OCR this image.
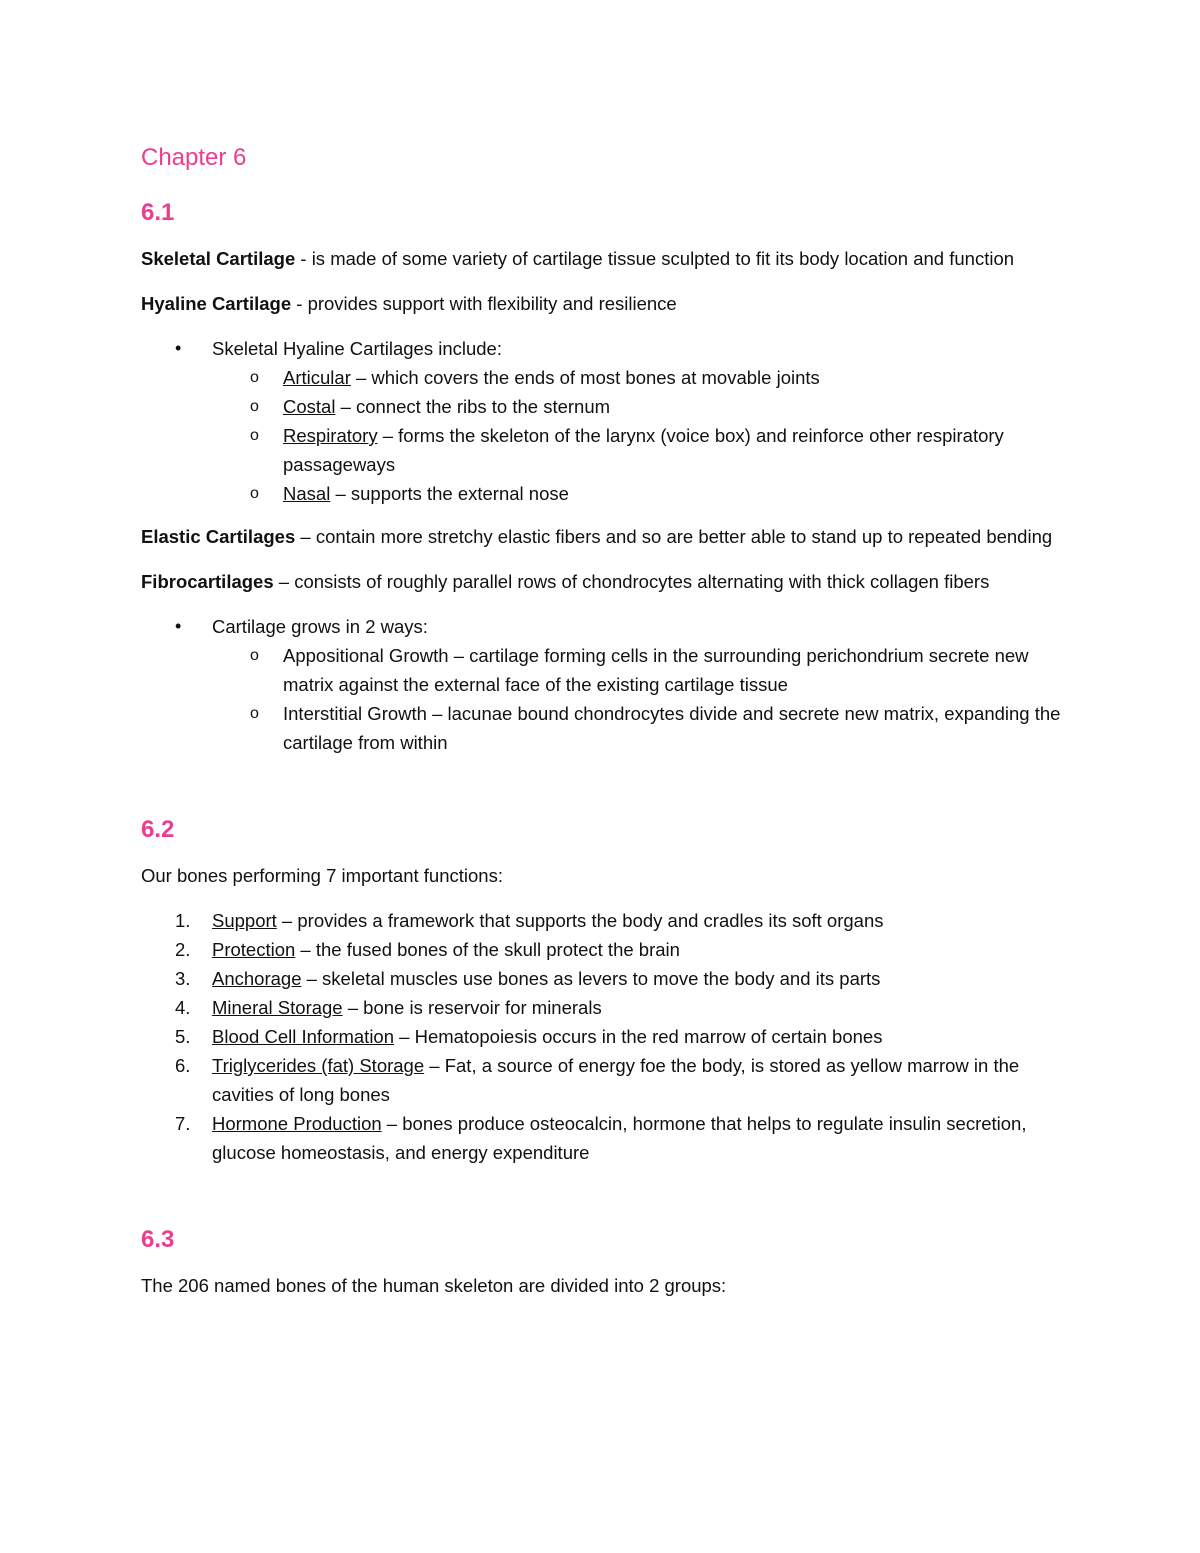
Chapter 6
6.1

Skeletal Cartilage - is made of some variety of cartilage tissue sculpted to fit its body location and function

Hyaline Cartilage - provides support with flexibility and resilience

• Skeletal Hyaline Cartilages include:
o Articular – which covers the ends of most bones at movable joints
o Costal – connect the ribs to the sternum
o Respiratory – forms the skeleton of the larynx (voice box) and reinforce other respiratory passageways
o Nasal – supports the external nose

Elastic Cartilages – contain more stretchy elastic fibers and so are better able to stand up to repeated bending

Fibrocartilages – consists of roughly parallel rows of chondrocytes alternating with thick collagen fibers

• Cartilage grows in 2 ways:
o Appositional Growth – cartilage forming cells in the surrounding perichondrium secrete new matrix against the external face of the existing cartilage tissue
o Interstitial Growth – lacunae bound chondrocytes divide and secrete new matrix, expanding the cartilage from within
6.2

Our bones performing 7 important functions:

1. Support – provides a framework that supports the body and cradles its soft organs
2. Protection – the fused bones of the skull protect the brain
3. Anchorage – skeletal muscles use bones as levers to move the body and its parts
4. Mineral Storage – bone is reservoir for minerals
5. Blood Cell Information – Hematopoiesis occurs in the red marrow of certain bones
6. Triglycerides (fat) Storage – Fat, a source of energy foe the body, is stored as yellow marrow in the cavities of long bones
7. Hormone Production – bones produce osteocalcin, hormone that helps to regulate insulin secretion, glucose homeostasis, and energy expenditure
6.3

The 206 named bones of the human skeleton are divided into 2 groups:
